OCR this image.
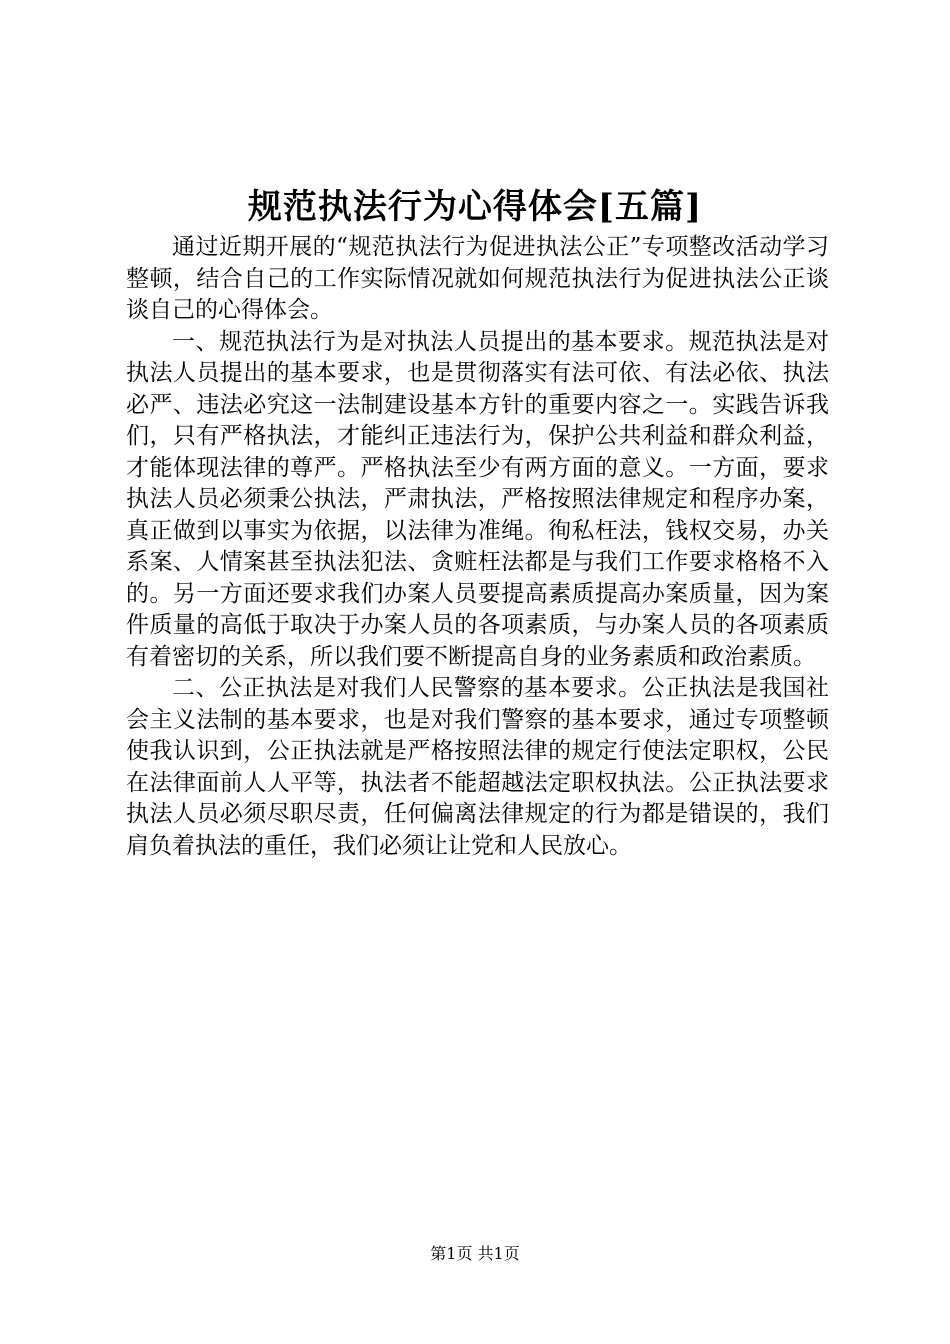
规范执法行为心得体会[五篇]

通过近期开展的“规范执法行为促进执法公正”专项整改活动学习整顿，结合自己的工作实际情况就如何规范执法行为促进执法公正谈谈自己的心得体会。

一、规范执法行为是对执法人员提出的基本要求。规范执法是对执法人员提出的基本要求，也是贯彻落实有法可依、有法必依、执法必严、违法必究这一法制建设基本方针的重要内容之一。实践告诉我们，只有严格执法，才能纠正违法行为，保护公共利益和群众利益，才能体现法律的尊严。严格执法至少有两方面的意义。一方面，要求执法人员必须秉公执法，严肃执法，严格按照法律规定和程序办案，真正做到以事实为依据，以法律为准绳。徇私枉法，钱权交易，办关系案、人情案甚至执法犯法、贪赃枉法都是与我们工作要求格格不入的。另一方面还要求我们办案人员要提高素质提高办案质量，因为案件质量的高低于取决于办案人员的各项素质，与办案人员的各项素质有着密切的关系，所以我们要不断提高自身的业务素质和政治素质。

二、公正执法是对我们人民警察的基本要求。公正执法是我国社会主义法制的基本要求，也是对我们警察的基本要求，通过专项整顿使我认识到，公正执法就是严格按照法律的规定行使法定职权，公民在法律面前人人平等，执法者不能超越法定职权执法。公正执法要求执法人员必须尽职尽责，任何偏离法律规定的行为都是错误的，我们肩负着执法的重任，我们必须让让党和人民放心。

第1页 共1页
